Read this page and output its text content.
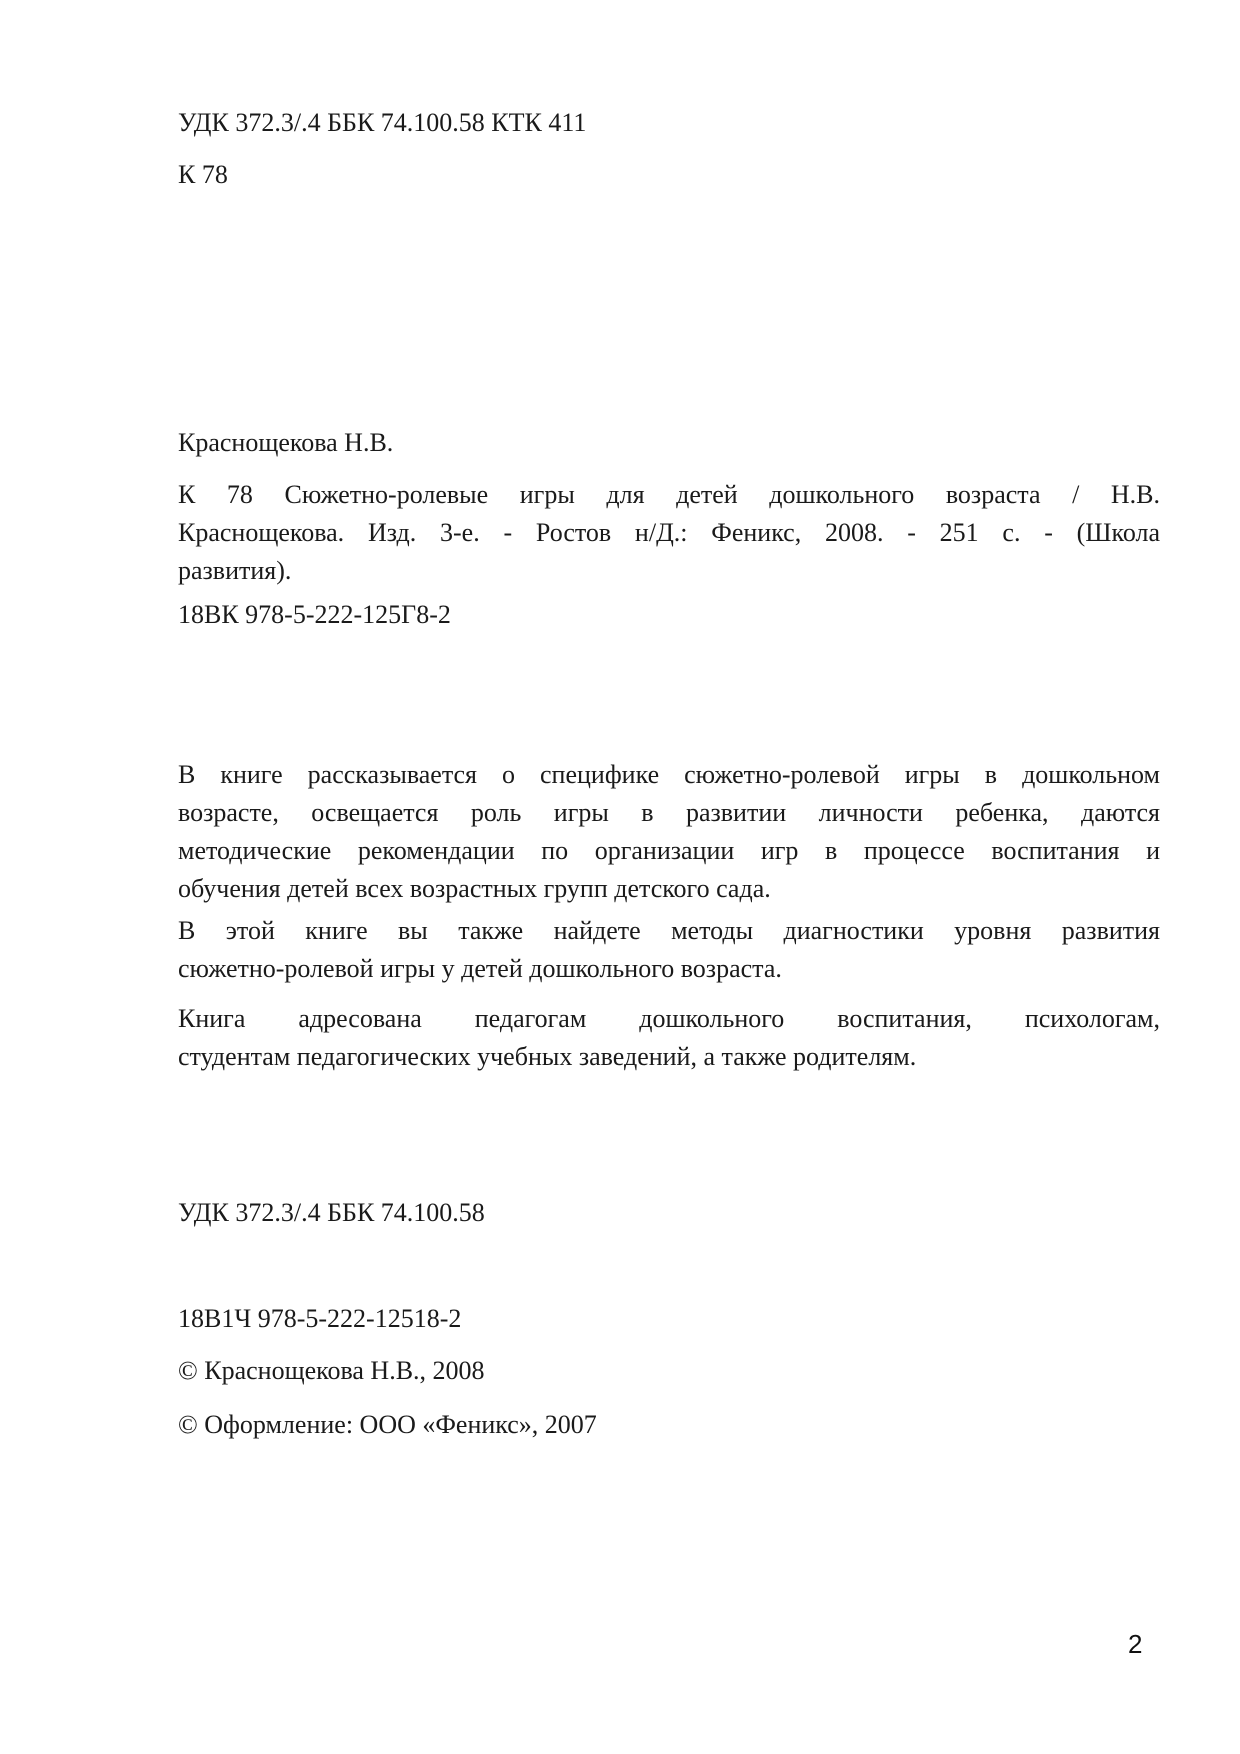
УДК 372.3/.4 ББК 74.100.58 КТК 411
К 78
Краснощекова Н.В.
К 78 Сюжетно-ролевые игры для детей дошкольного возраста / Н.В.
Краснощекова. Изд. 3-е. - Ростов н/Д.: Феникс, 2008. - 251 с. - (Школа
развития).
18ВК 978-5-222-125Г8-2
В книге рассказывается о специфике сюжетно-ролевой игры в дошкольном
возрасте, освещается роль игры в развитии личности ребенка, даются
методические рекомендации по организации игр в процессе воспитания и
обучения детей всех возрастных групп детского сада.
В этой книге вы также найдете методы диагностики уровня развития
сюжетно-ролевой игры у детей дошкольного возраста.
Книга адресована педагогам дошкольного воспитания, психологам,
студентам педагогических учебных заведений, а также родителям.
УДК 372.3/.4 ББК 74.100.58
18В1Ч 978-5-222-12518-2
© Краснощекова Н.В., 2008
© Оформление: ООО «Феникс», 2007
2
